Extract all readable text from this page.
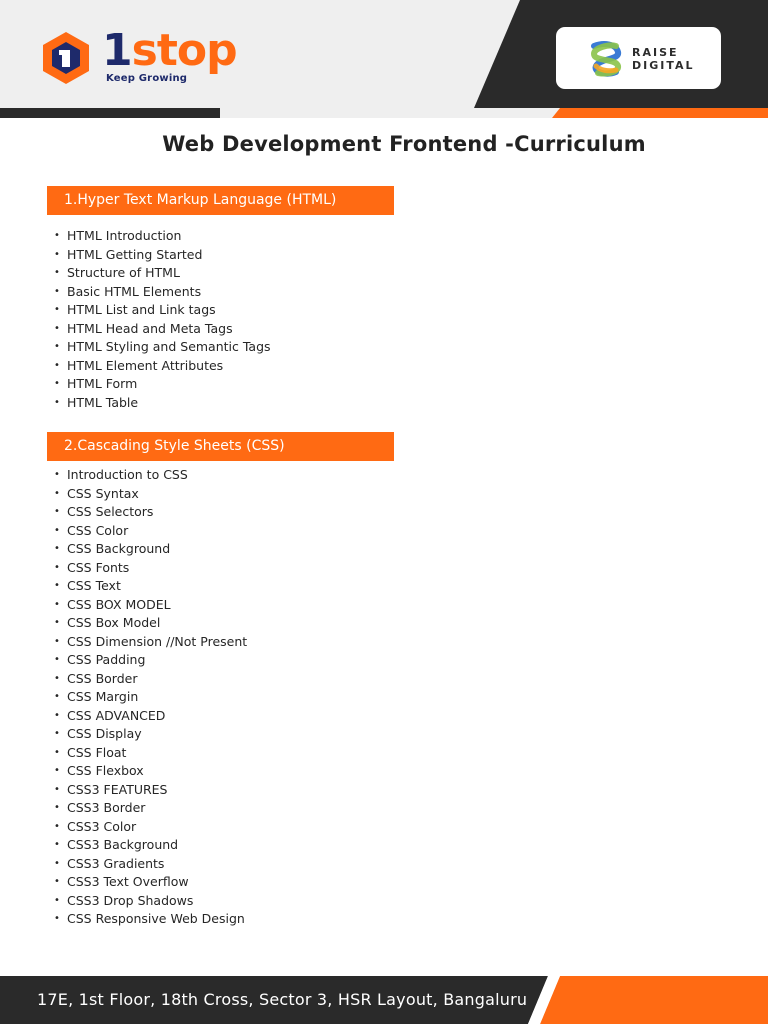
1stop
Keep Growing
RAISE
DIGITAL
Web Development Frontend -Curriculum
1.Hyper Text Markup Language (HTML)
• HTML Introduction
• HTML Getting Started
• Structure of HTML
• Basic HTML Elements
• HTML List and Link tags
• HTML Head and Meta Tags
• HTML Styling and Semantic Tags
• HTML Element Attributes
• HTML Form
• HTML Table
2.Cascading Style Sheets (CSS)
• Introduction to CSS
• CSS Syntax
• CSS Selectors
• CSS Color
• CSS Background
• CSS Fonts
• CSS Text
• CSS BOX MODEL
• CSS Box Model
• CSS Dimension //Not Present
• CSS Padding
• CSS Border
• CSS Margin
• CSS ADVANCED
• CSS Display
• CSS Float
• CSS Flexbox
• CSS3 FEATURES
• CSS3 Border
• CSS3 Color
• CSS3 Background
• CSS3 Gradients
• CSS3 Text Overflow
• CSS3 Drop Shadows
• CSS Responsive Web Design
17E, 1st Floor, 18th Cross, Sector 3, HSR Layout, Bangaluru
